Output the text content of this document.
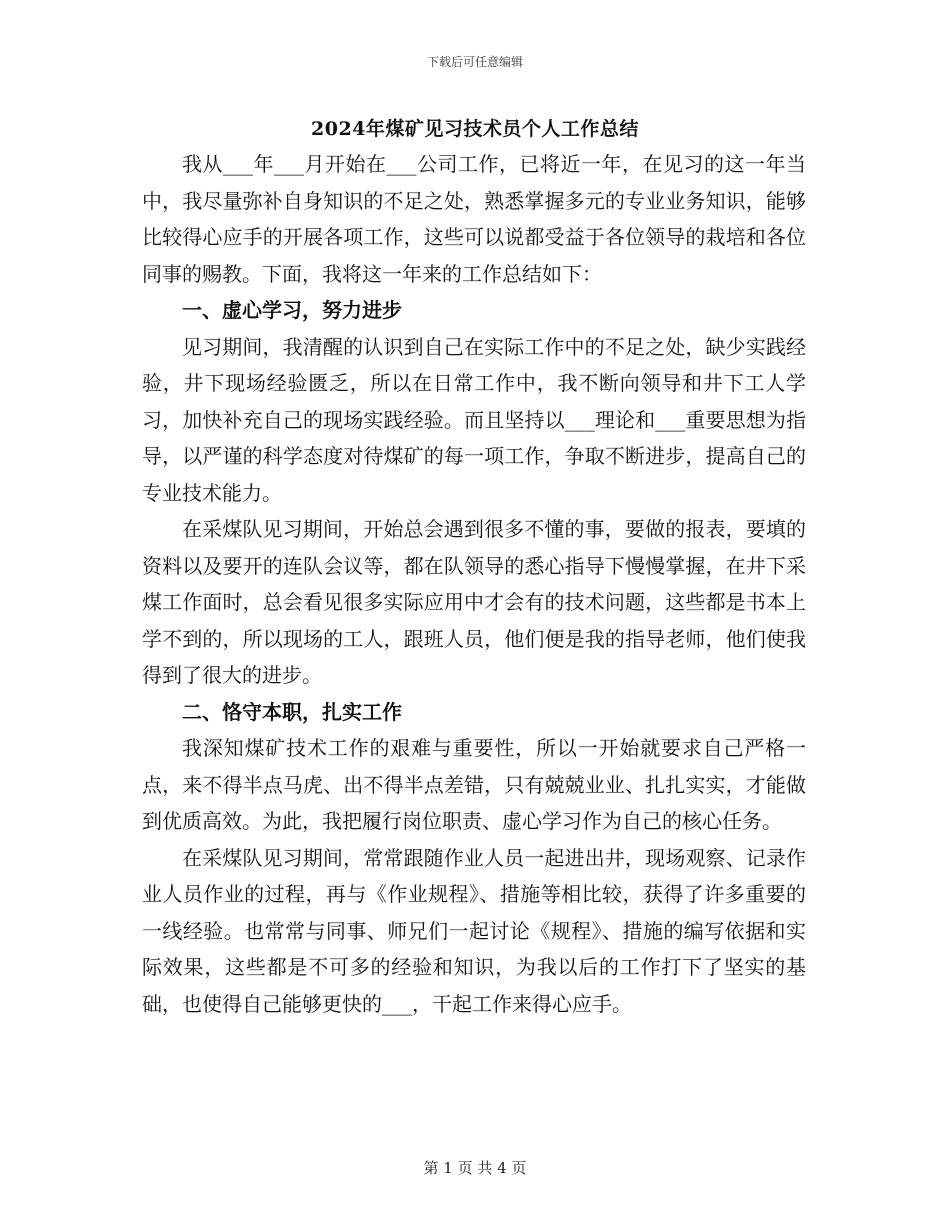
下载后可任意编辑
2024年煤矿见习技术员个人工作总结

我从___年___月开始在___公司工作，已将近一年，在见习的这一年当中，我尽量弥补自身知识的不足之处，熟悉掌握多元的专业业务知识，能够比较得心应手的开展各项工作，这些可以说都受益于各位领导的栽培和各位同事的赐教。下面，我将这一年来的工作总结如下：

一、虚心学习，努力进步

见习期间，我清醒的认识到自己在实际工作中的不足之处，缺少实践经验，井下现场经验匮乏，所以在日常工作中，我不断向领导和井下工人学习，加快补充自己的现场实践经验。而且坚持以___理论和___重要思想为指导，以严谨的科学态度对待煤矿的每一项工作，争取不断进步，提高自己的专业技术能力。

在采煤队见习期间，开始总会遇到很多不懂的事，要做的报表，要填的资料以及要开的连队会议等，都在队领导的悉心指导下慢慢掌握，在井下采煤工作面时，总会看见很多实际应用中才会有的技术问题，这些都是书本上学不到的，所以现场的工人，跟班人员，他们便是我的指导老师，他们使我得到了很大的进步。

二、恪守本职，扎实工作

我深知煤矿技术工作的艰难与重要性，所以一开始就要求自己严格一点，来不得半点马虎、出不得半点差错，只有兢兢业业、扎扎实实，才能做到优质高效。为此，我把履行岗位职责、虚心学习作为自己的核心任务。

在采煤队见习期间，常常跟随作业人员一起进出井，现场观察、记录作业人员作业的过程，再与《作业规程》、措施等相比较，获得了许多重要的一线经验。也常常与同事、师兄们一起讨论《规程》、措施的编写依据和实际效果，这些都是不可多的经验和知识，为我以后的工作打下了坚实的基础，也使得自己能够更快的___，干起工作来得心应手。

第 1 页 共 4 页
